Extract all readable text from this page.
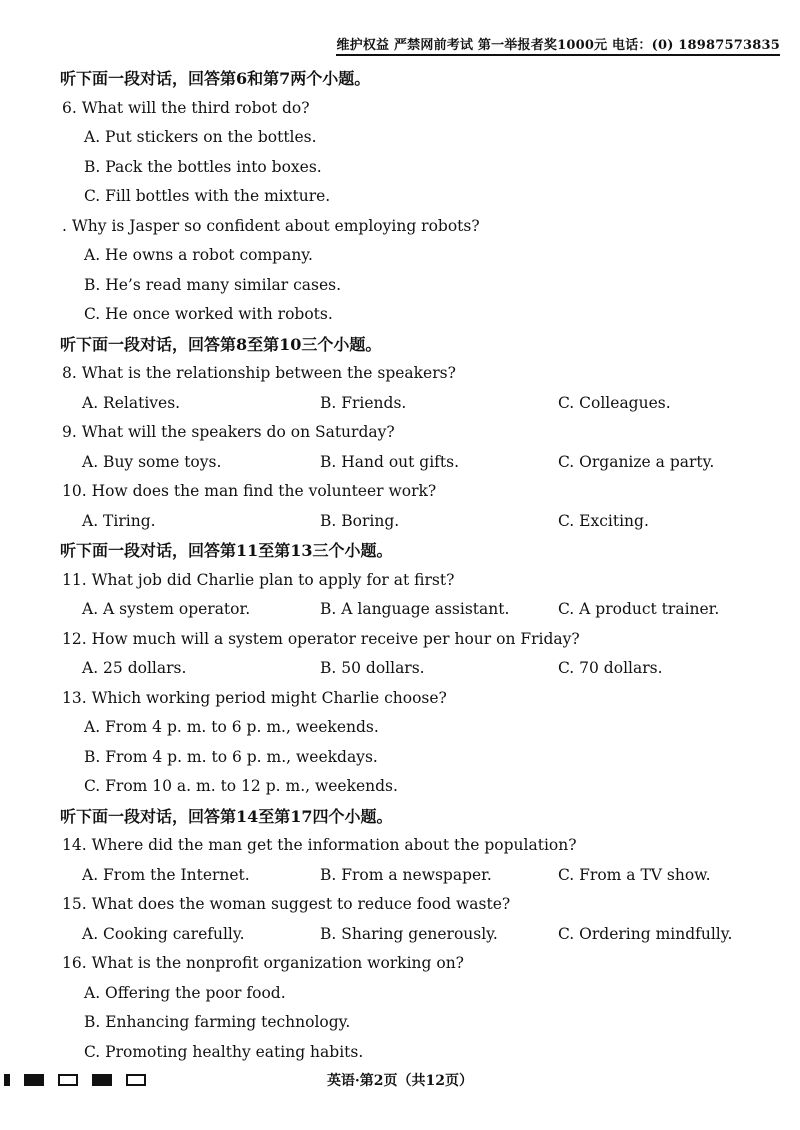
维护权益 严禁网前考试 第一举报者奖1000元 电话：(0) 18987573835
听下面一段对话，回答第6和第7两个小题。
6. What will the third robot do?
A. Put stickers on the bottles.
B. Pack the bottles into boxes.
C. Fill bottles with the mixture.
. Why is Jasper so confident about employing robots?
A. He owns a robot company.
B. He’s read many similar cases.
C. He once worked with robots.
听下面一段对话，回答第8至第10三个小题。
8. What is the relationship between the speakers?
A. Relatives.	B. Friends.	C. Colleagues.
9. What will the speakers do on Saturday?
A. Buy some toys.	B. Hand out gifts.	C. Organize a party.
10. How does the man find the volunteer work?
A. Tiring.	B. Boring.	C. Exciting.
听下面一段对话，回答第11至第13三个小题。
11. What job did Charlie plan to apply for at first?
A. A system operator.	B. A language assistant.	C. A product trainer.
12. How much will a system operator receive per hour on Friday?
A. 25 dollars.	B. 50 dollars.	C. 70 dollars.
13. Which working period might Charlie choose?
A. From 4 p. m. to 6 p. m., weekends.
B. From 4 p. m. to 6 p. m., weekdays.
C. From 10 a. m. to 12 p. m., weekends.
听下面一段对话，回答第14至第17四个小题。
14. Where did the man get the information about the population?
A. From the Internet.	B. From a newspaper.	C. From a TV show.
15. What does the woman suggest to reduce food waste?
A. Cooking carefully.	B. Sharing generously.	C. Ordering mindfully.
16. What is the nonprofit organization working on?
A. Offering the poor food.
B. Enhancing farming technology.
C. Promoting healthy eating habits.
英语·第2页（共12页）
